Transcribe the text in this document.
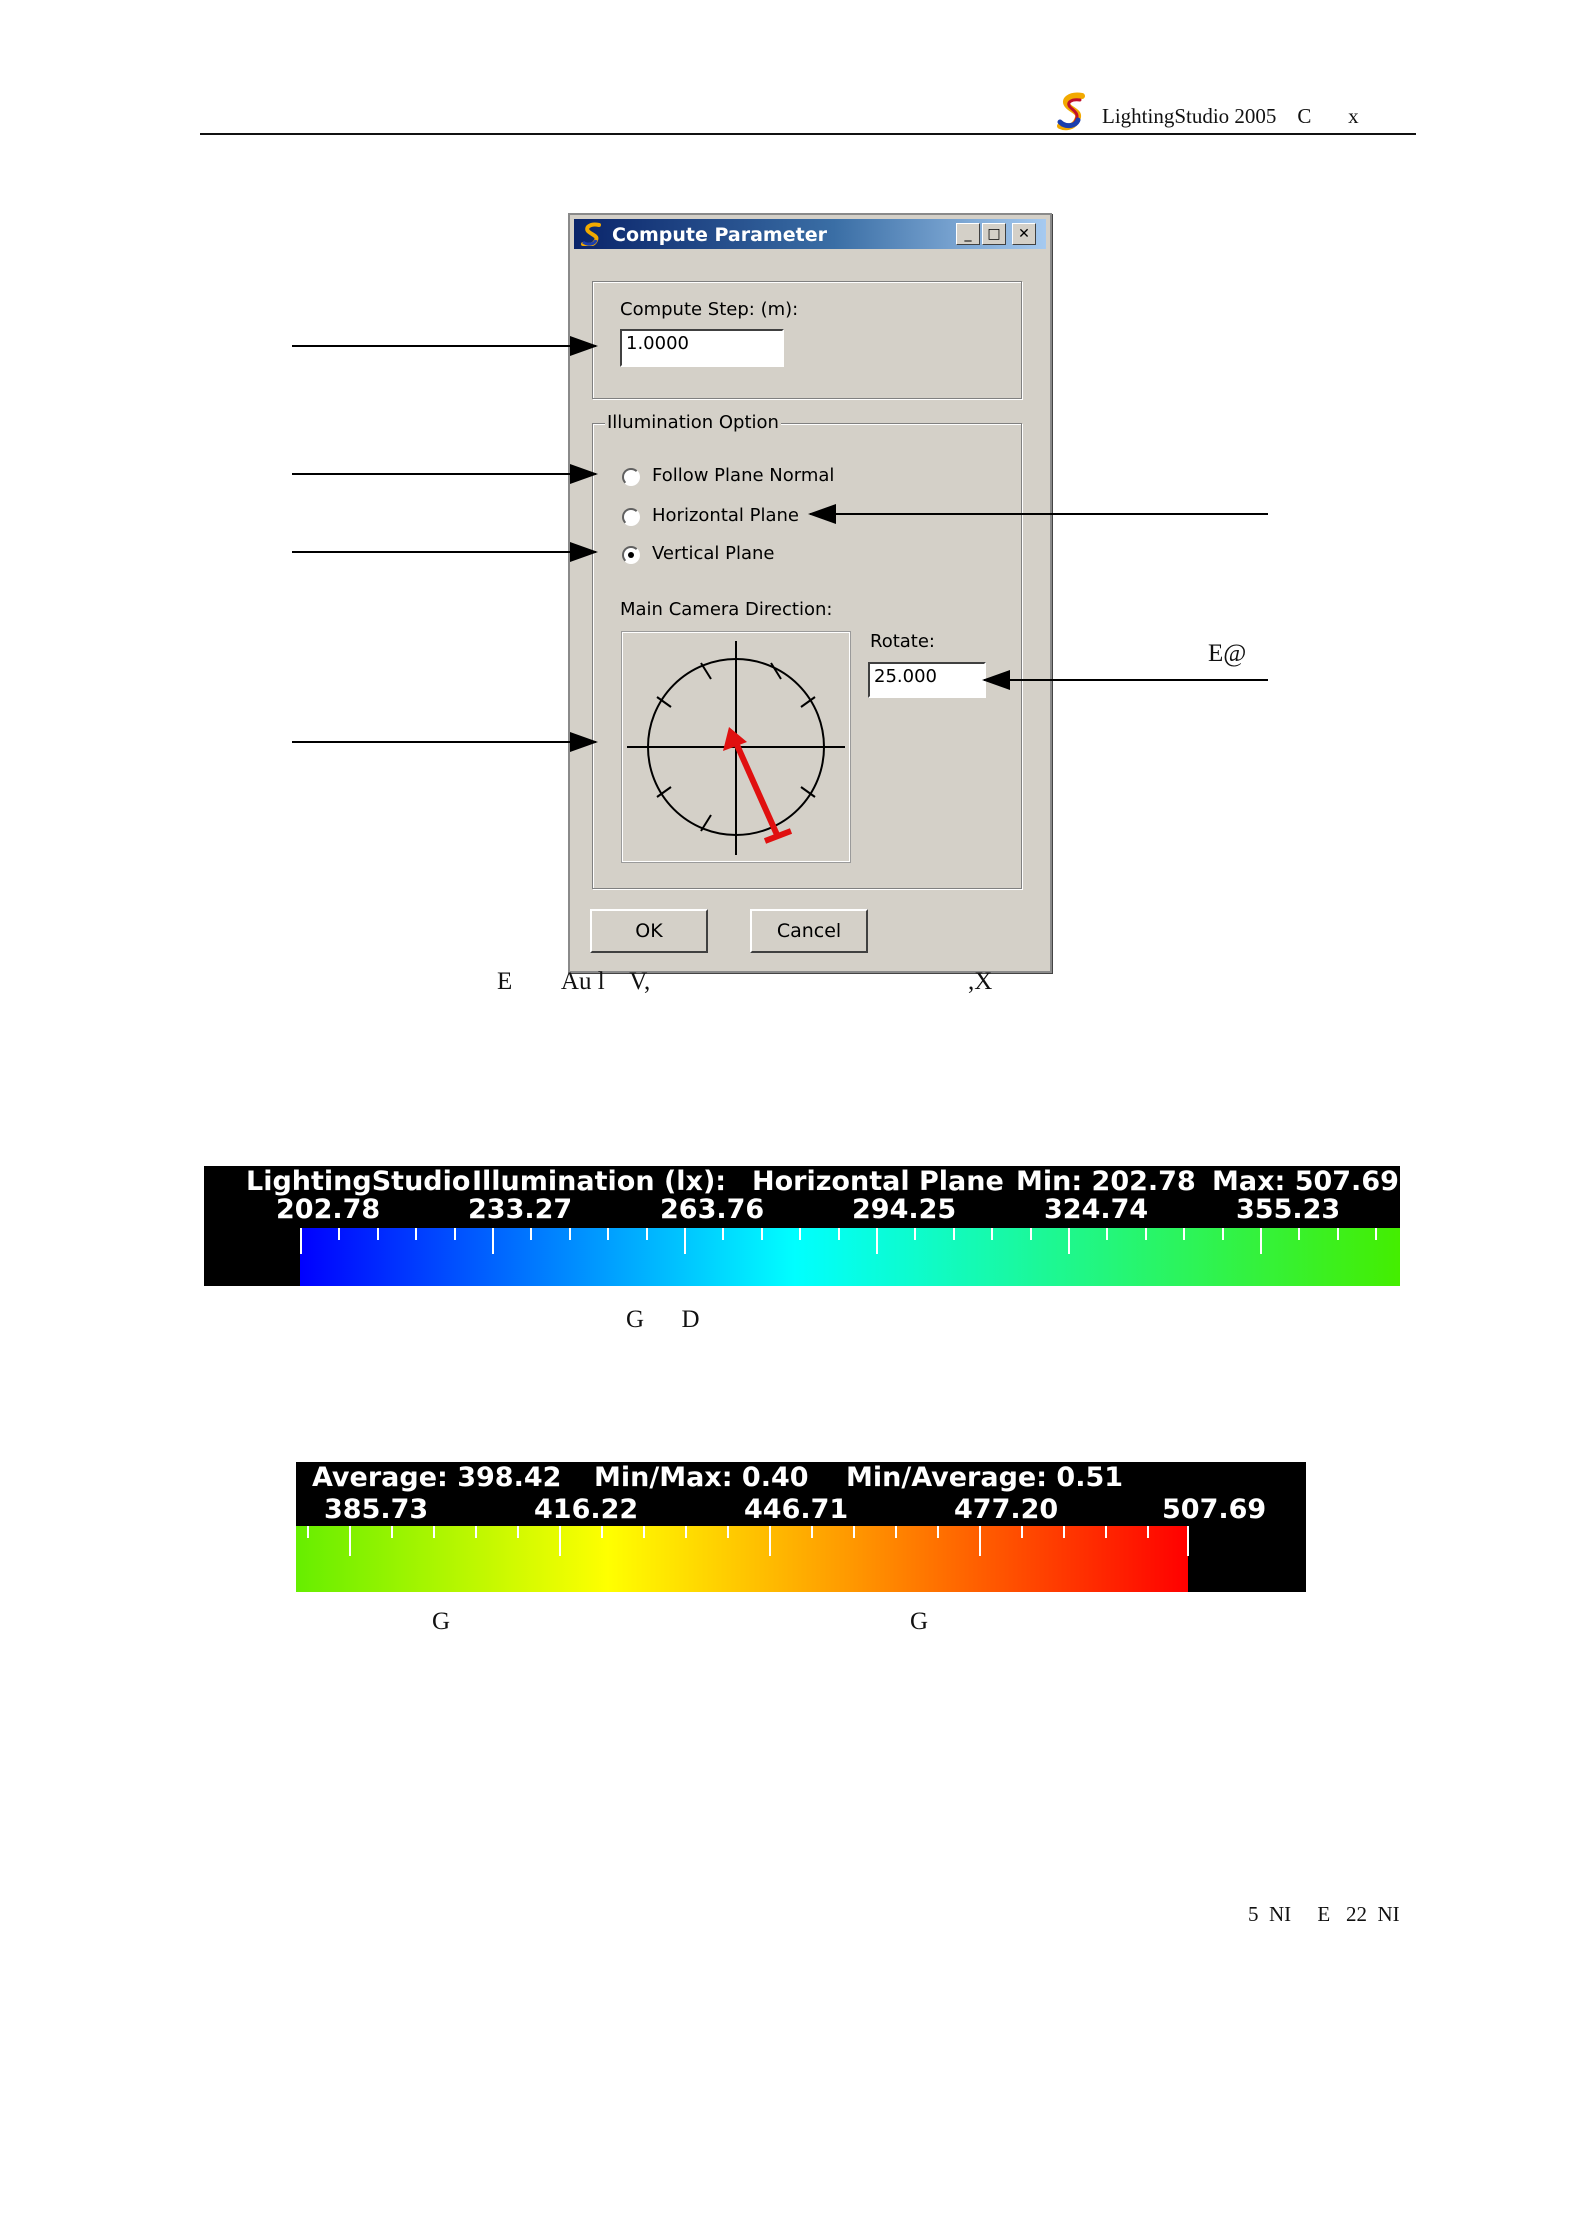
LightingStudio 2005    C       x
Compute Parameter	_	□	✕
Compute Step: (m):
1.0000
Illumination Option
Follow Plane Normal
Horizontal Plane
Vertical Plane
Main Camera Direction:
Rotate:
25.000
OK	Cancel
E@
E        Au l    V,	,X
LightingStudio Illumination (lx): Horizontal Plane Min: 202.78 Max: 507.69
202.78	233.27	263.76	294.25	324.74	355.23
G      D
Average: 398.42 Min/Max: 0.40 Min/Average: 0.51
385.73	416.22	446.71	477.20	507.69
G	G
5  NI     E   22  NI
